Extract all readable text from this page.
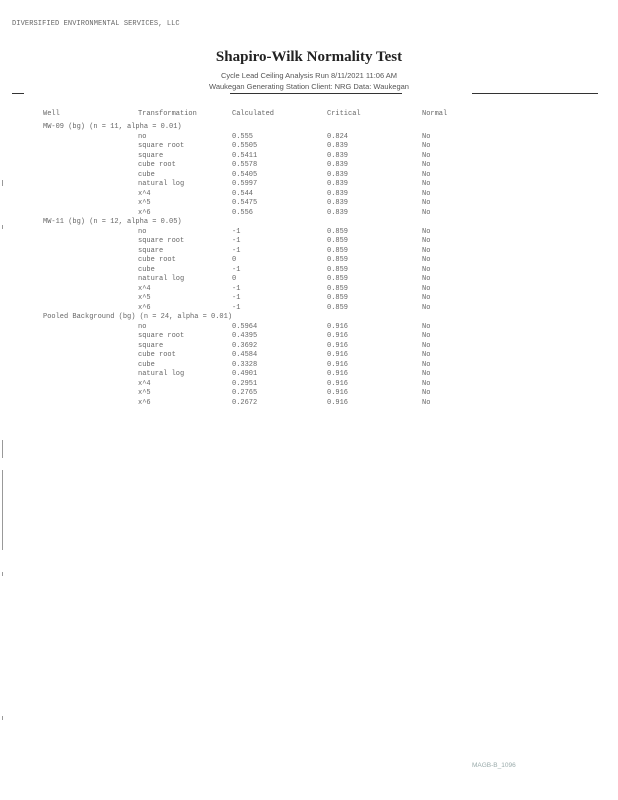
DIVERSIFIED ENVIRONMENTAL SERVICES, LLC
Shapiro-Wilk Normality Test
Cycle Lead Ceiling Analysis Run 8/11/2021 11:06 AM
Waukegan Generating Station Client: NRG Data: Waukegan
Well	Transformation	Calculated	Critical	Normal
MW-09 (bg) (n = 11, alpha = 0.01)
no	0.555	0.824	No
square root	0.5505	0.839	No
square	0.5411	0.839	No
cube root	0.5578	0.839	No
cube	0.5405	0.839	No
natural log	0.5997	0.839	No
x^4	0.544	0.839	No
x^5	0.5475	0.839	No
x^6	0.556	0.839	No
MW-11 (bg) (n = 12, alpha = 0.05)
no	-1	0.859	No
square root	-1	0.859	No
square	-1	0.859	No
cube root	0	0.859	No
cube	-1	0.859	No
natural log	0	0.859	No
x^4	-1	0.859	No
x^5	-1	0.859	No
x^6	-1	0.859	No
Pooled Background (bg) (n = 24, alpha = 0.01)
no	0.5964	0.916	No
square root	0.4395	0.916	No
square	0.3692	0.916	No
cube root	0.4584	0.916	No
cube	0.3328	0.916	No
natural log	0.4901	0.916	No
x^4	0.2951	0.916	No
x^5	0.2765	0.916	No
x^6	0.2672	0.916	No
MAGB-B_1096
